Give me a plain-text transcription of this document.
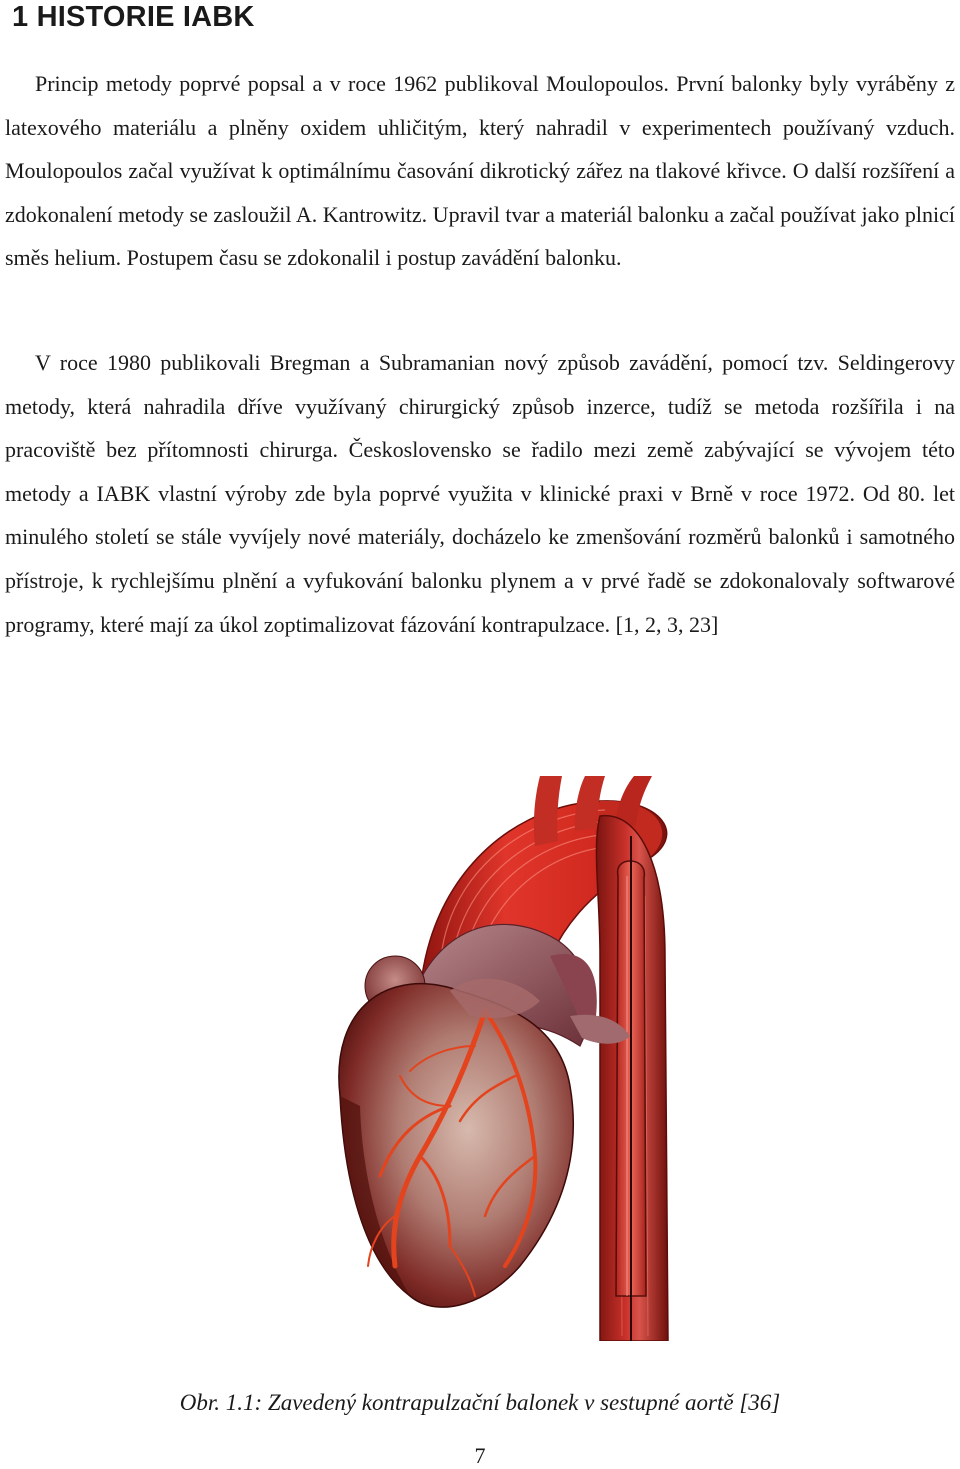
1 HISTORIE IABK

Princip metody poprvé popsal a v roce 1962 publikoval Moulopoulos. První balonky byly vyráběny z latexového materiálu a plněny oxidem uhličitým, který nahradil v experimentech používaný vzduch. Moulopoulos začal využívat k optimálnímu časování dikrotický zářez na tlakové křivce. O další rozšíření a zdokonalení metody se zasloužil A. Kantrowitz. Upravil tvar a materiál balonku a začal používat jako plnicí směs helium. Postupem času se zdokonalil i postup zavádění balonku.

V roce 1980 publikovali Bregman a Subramanian nový způsob zavádění, pomocí tzv. Seldingerovy metody, která nahradila dříve využívaný chirurgický způsob inzerce, tudíž se metoda rozšířila i na pracoviště bez přítomnosti chirurga. Československo se řadilo mezi země zabývající se vývojem této metody a IABK vlastní výroby zde byla poprvé využita v klinické praxi v Brně v roce 1972. Od 80. let minulého století se stále vyvíjely nové materiály, docházelo ke zmenšování rozměrů balonků i samotného přístroje, k rychlejšímu plnění a vyfukování balonku plynem a v prvé řadě se zdokonalovaly softwarové programy, které mají za úkol zoptimalizovat fázování kontrapulzace. [1, 2, 3, 23]

Obr. 1.1: Zavedený kontrapulzační balonek v sestupné aortě [36]

7
